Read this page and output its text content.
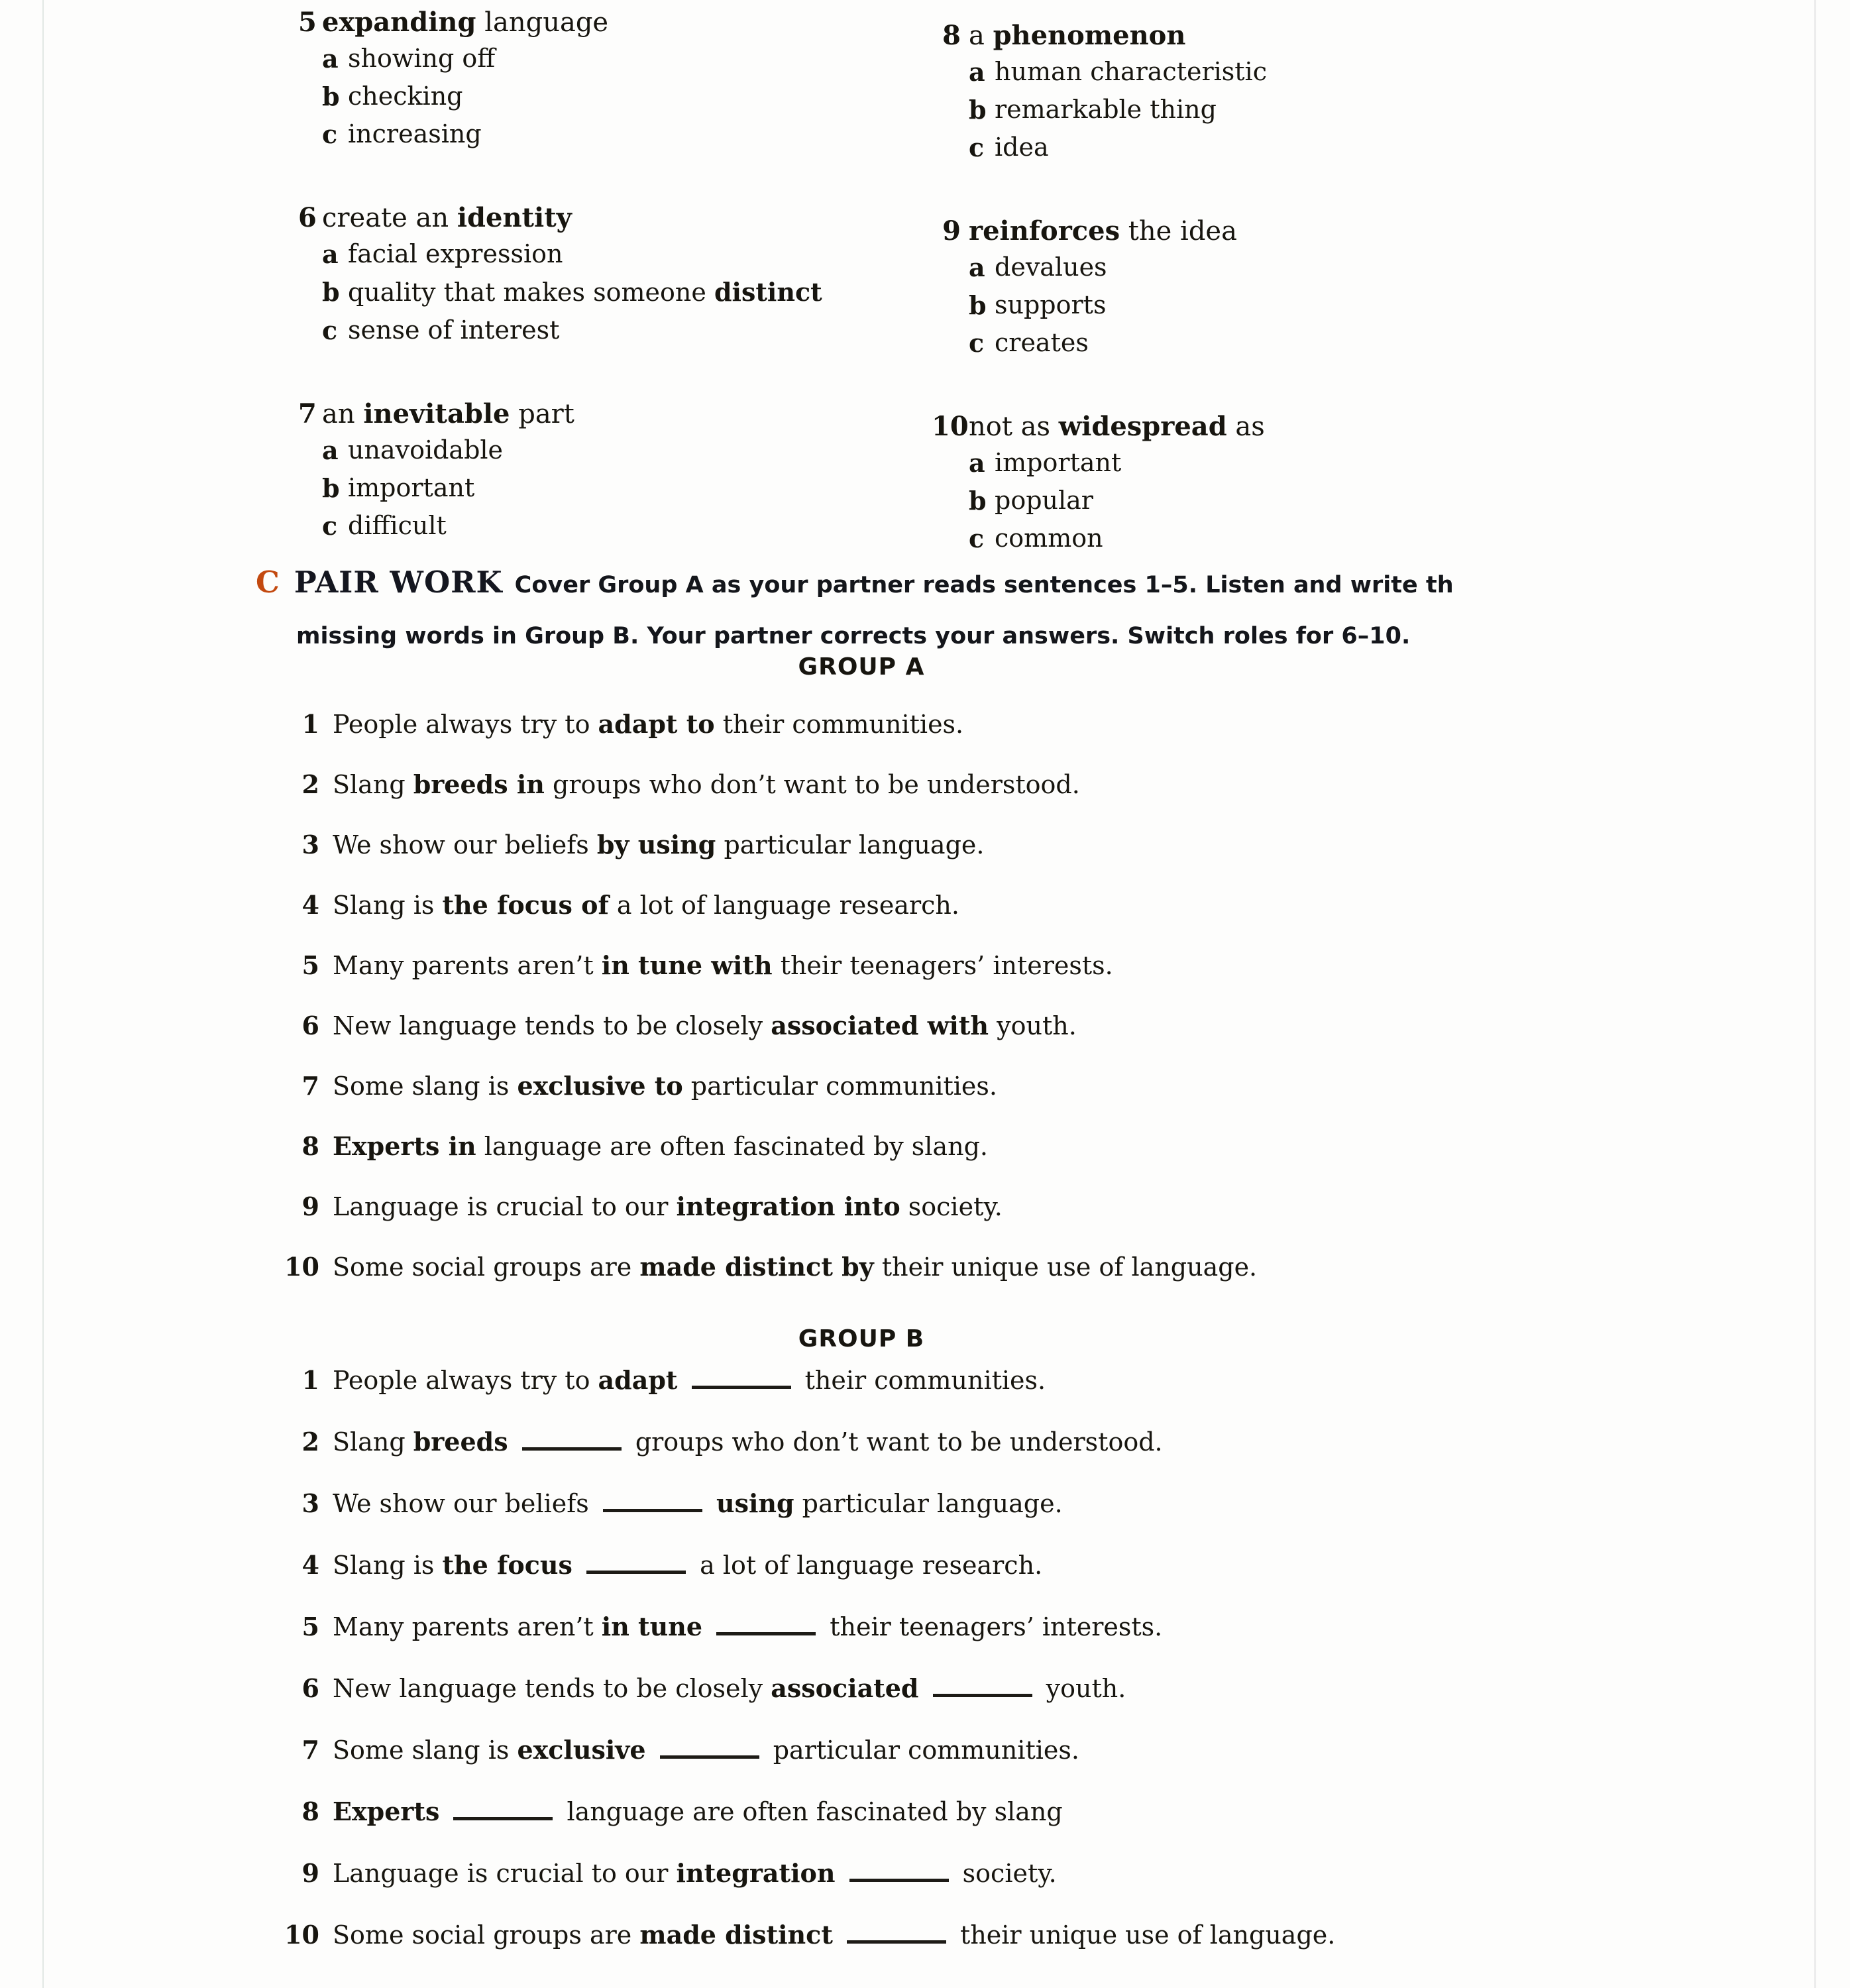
5 expanding language
a showing off
b checking
c increasing
6 create an identity
a facial expression
b quality that makes someone distinct
c sense of interest
7 an inevitable part
a unavoidable
b important
c difficult
8 a phenomenon
a human characteristic
b remarkable thing
c idea
9 reinforces the idea
a devalues
b supports
c creates
10 not as widespread as
a important
b popular
c common
C PAIR WORK Cover Group A as your partner reads sentences 1–5. Listen and write th
missing words in Group B. Your partner corrects your answers. Switch roles for 6–10.
GROUP A
1 People always try to adapt to their communities.
2 Slang breeds in groups who don’t want to be understood.
3 We show our beliefs by using particular language.
4 Slang is the focus of a lot of language research.
5 Many parents aren’t in tune with their teenagers’ interests.
6 New language tends to be closely associated with youth.
7 Some slang is exclusive to particular communities.
8 Experts in language are often fascinated by slang.
9 Language is crucial to our integration into society.
10 Some social groups are made distinct by their unique use of language.
GROUP B
1 People always try to adapt	their communities.
2 Slang breeds	groups who don’t want to be understood.
3 We show our beliefs	using particular language.
4 Slang is the focus	a lot of language research.
5 Many parents aren’t in tune	their teenagers’ interests.
6 New language tends to be closely associated	youth.
7 Some slang is exclusive	particular communities.
8 Experts	language are often fascinated by slang
9 Language is crucial to our integration	society.
10 Some social groups are made distinct	their unique use of language.
